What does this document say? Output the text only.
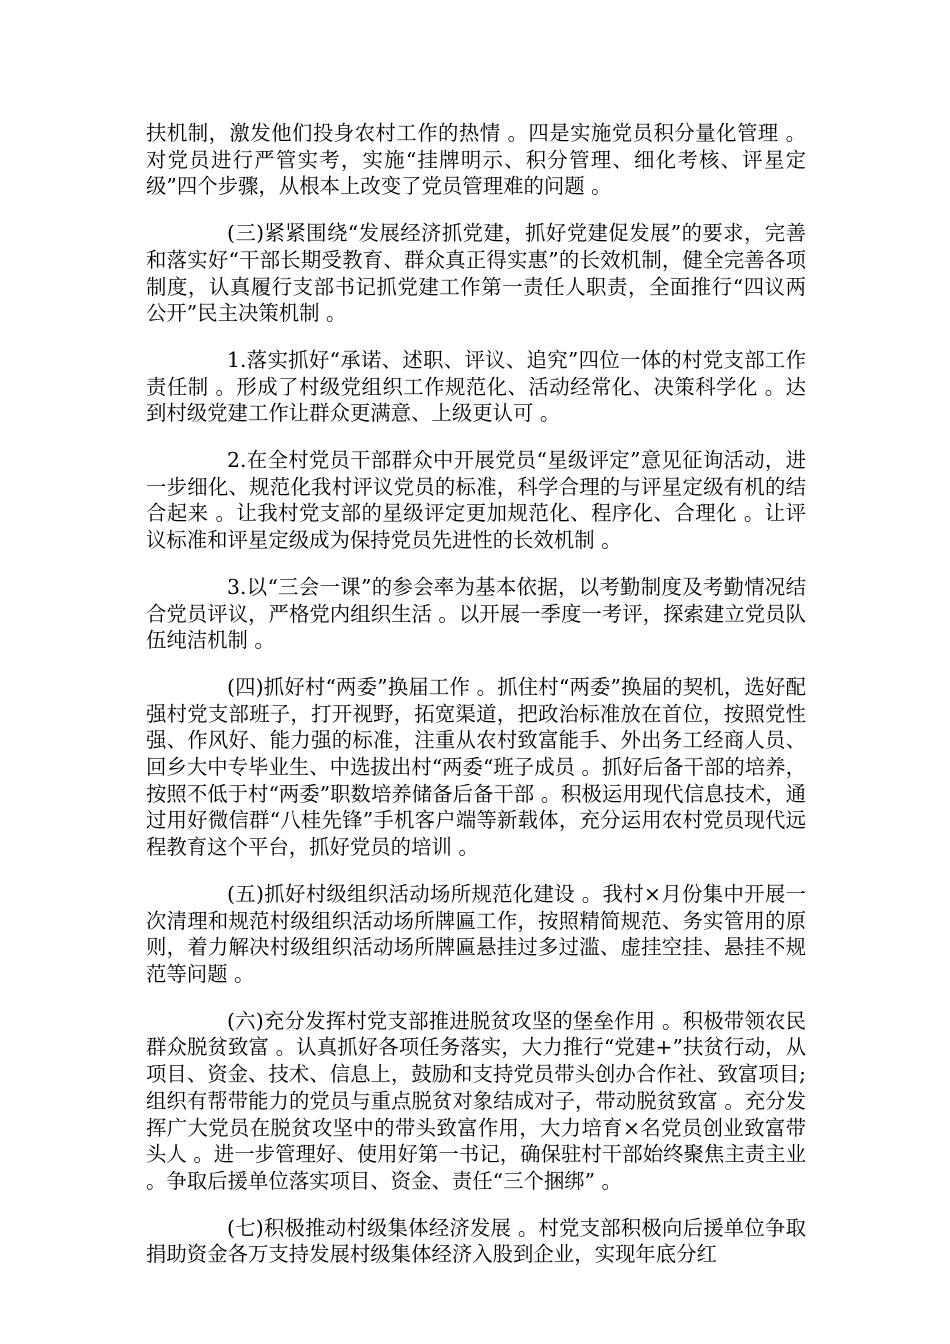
扶机制，激发他们投身农村工作的热情 。四是实施党员积分量化管理 。对党员进行严管实考，实施“挂牌明示、积分管理、细化考核、评星定级”四个步骤，从根本上改变了党员管理难的问题 。

(三)紧紧围绕“发展经济抓党建，抓好党建促发展”的要求，完善和落实好“干部长期受教育、群众真正得实惠”的长效机制，健全完善各项制度，认真履行支部书记抓党建工作第一责任人职责，全面推行“四议两公开”民主决策机制 。

1.落实抓好“承诺、述职、评议、追究”四位一体的村党支部工作责任制 。形成了村级党组织工作规范化、活动经常化、决策科学化 。达到村级党建工作让群众更满意、上级更认可 。

2.在全村党员干部群众中开展党员“星级评定”意见征询活动，进一步细化、规范化我村评议党员的标准，科学合理的与评星定级有机的结合起来 。让我村党支部的星级评定更加规范化、程序化、合理化 。让评议标准和评星定级成为保持党员先进性的长效机制 。

3.以“三会一课”的参会率为基本依据，以考勤制度及考勤情况结合党员评议，严格党内组织生活 。以开展一季度一考评，探索建立党员队伍纯洁机制 。

(四)抓好村“两委”换届工作 。抓住村“两委”换届的契机，选好配强村党支部班子，打开视野，拓宽渠道，把政治标准放在首位，按照党性强、作风好、能力强的标准，注重从农村致富能手、外出务工经商人员、回乡大中专毕业生、中选拔出村“两委“班子成员 。抓好后备干部的培养，按照不低于村“两委”职数培养储备后备干部 。积极运用现代信息技术，通过用好微信群“八桂先锋”手机客户端等新载体，充分运用农村党员现代远程教育这个平台，抓好党员的培训 。

(五)抓好村级组织活动场所规范化建设 。我村×月份集中开展一次清理和规范村级组织活动场所牌匾工作，按照精简规范、务实管用的原则，着力解决村级组织活动场所牌匾悬挂过多过滥、虚挂空挂、悬挂不规范等问题 。

(六)充分发挥村党支部推进脱贫攻坚的堡垒作用 。积极带领农民群众脱贫致富 。认真抓好各项任务落实，大力推行“党建+”扶贫行动，从项目、资金、技术、信息上，鼓励和支持党员带头创办合作社、致富项目;组织有帮带能力的党员与重点脱贫对象结成对子，带动脱贫致富 。充分发挥广大党员在脱贫攻坚中的带头致富作用，大力培育×名党员创业致富带头人 。进一步管理好、使用好第一书记，确保驻村干部始终聚焦主责主业 。争取后援单位落实项目、资金、责任“三个捆绑” 。

(七)积极推动村级集体经济发展 。村党支部积极向后援单位争取捐助资金各万支持发展村级集体经济入股到企业，实现年底分红
